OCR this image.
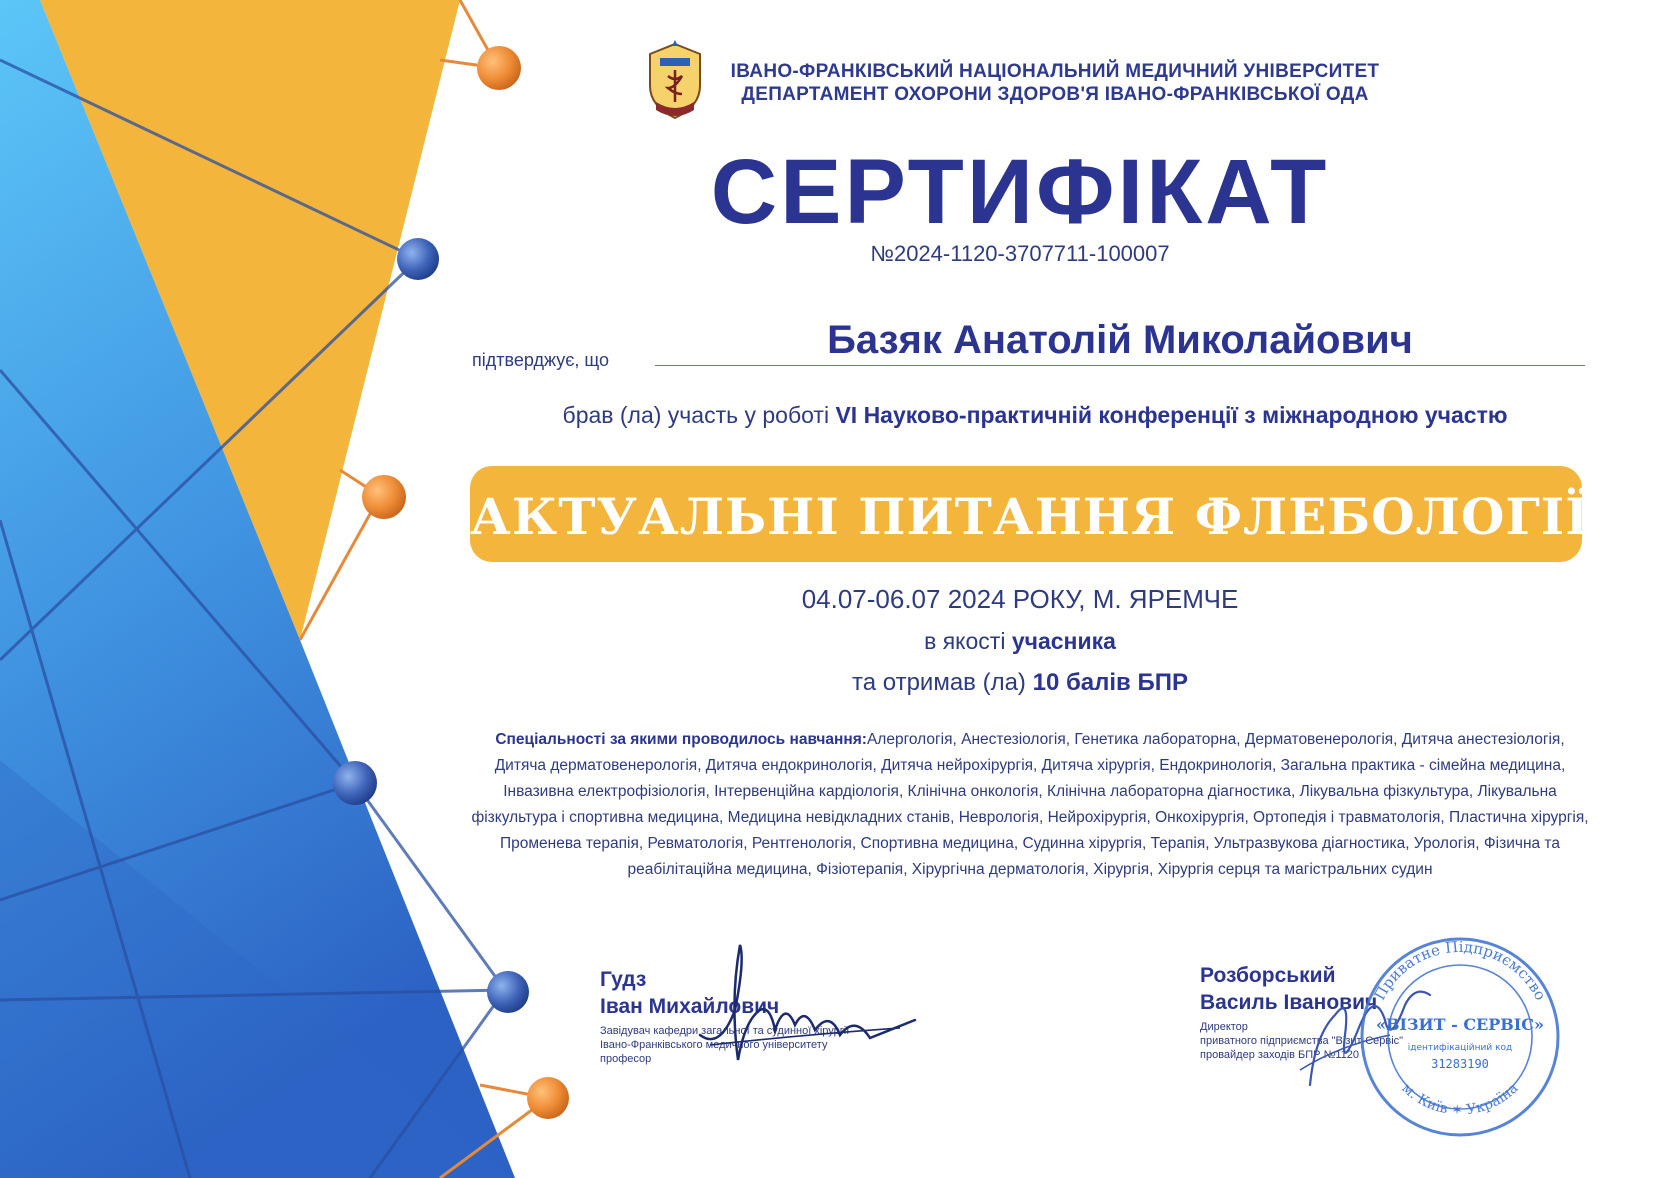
ІВАНО-ФРАНКІВСЬКИЙ НАЦІОНАЛЬНИЙ МЕДИЧНИЙ УНІВЕРСИТЕТ
ДЕПАРТАМЕНТ ОХОРОНИ ЗДОРОВ'Я ІВАНО-ФРАНКІВСЬКОЇ ОДА
СЕРТИФІКАТ
№2024-1120-3707711-100007
підтверджує, що	Базяк Анатолій Миколайович
брав (ла) участь у роботі VI Науково-практичній конференції з міжнародною участю
АКТУАЛЬНІ ПИТАННЯ ФЛЕБОЛОГІЇ
04.07-06.07 2024 РОКУ, М. ЯРЕМЧЕ
в якості учасника
та отримав (ла) 10 балів БПР
Спеціальності за якими проводилось навчання:Алергологія, Анестезіологія, Генетика лабораторна, Дерматовенерологія, Дитяча анестезіологія, Дитяча дерматовенерологія, Дитяча ендокринологія, Дитяча нейрохірургія, Дитяча хірургія, Ендокринологія, Загальна практика - сімейна медицина, Інвазивна електрофізіологія, Інтервенційна кардіологія, Клінічна онкологія, Клінічна лабораторна діагностика, Лікувальна фізкультура, Лікувальна фізкультура і спортивна медицина, Медицина невідкладних станів, Неврологія, Нейрохірургія, Онкохірургія, Ортопедія і травматологія, Пластична хірургія, Променева терапія, Ревматологія, Рентгенологія, Спортивна медицина, Судинна хірургія, Терапія, Ультразвукова діагностика, Урологія, Фізична та реабілітаційна медицина, Фізіотерапія, Хірургічна дерматологія, Хірургія, Хірургія серця та магістральних судин
Гудз
Іван Михайлович
Завідувач кафедри загальної та судинної хірургії
Івано-Франківського медичного університету
професор
Розборський
Василь Іванович
Директор
приватного підприємства "Візит-Сервіс"
провайдер заходів БПР №1120
Приватне Підприємство
м. Київ ✶ Україна
«ВІЗИТ - СЕРВІС»
ідентифікаційний код
31283190
